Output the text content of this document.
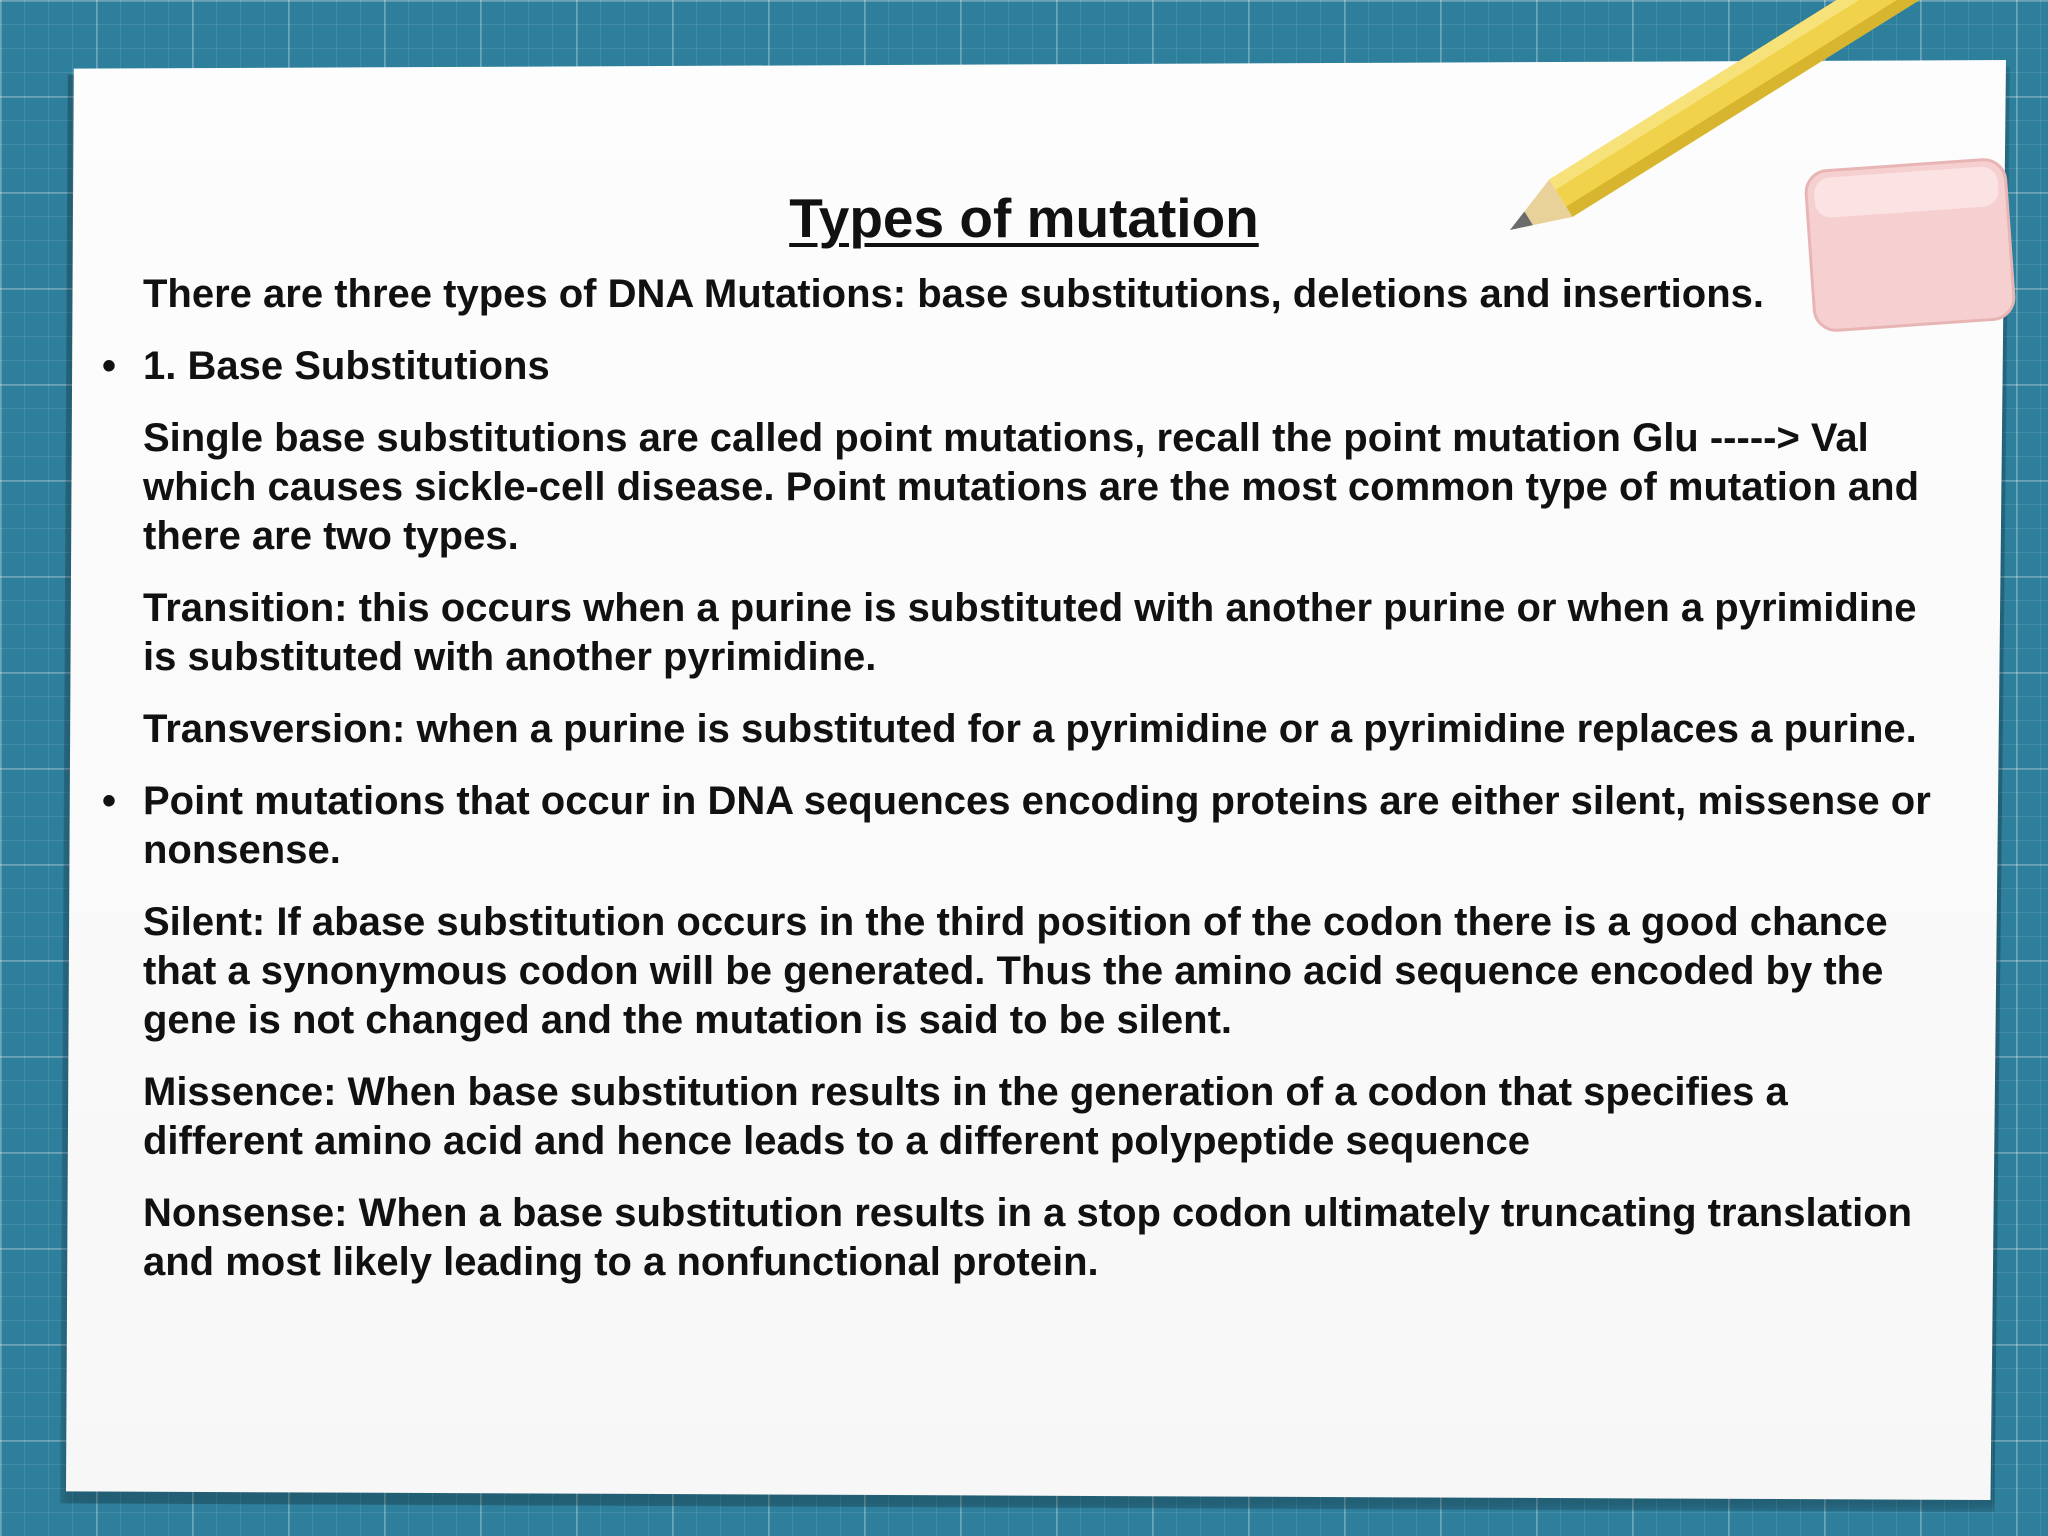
Types of mutation
There are three types of DNA Mutations: base substitutions, deletions and insertions.
• 1. Base Substitutions
Single base substitutions are called point mutations, recall the point mutation Glu -----> Val which causes sickle-cell disease. Point mutations are the most common type of mutation and there are two types.
Transition: this occurs when a purine is substituted with another purine or when a pyrimidine is substituted with another pyrimidine.
Transversion: when a purine is substituted for a pyrimidine or a pyrimidine replaces a purine.
• Point mutations that occur in DNA sequences encoding proteins are either silent, missense or nonsense.
Silent: If abase substitution occurs in the third position of the codon there is a good chance that a synonymous codon will be generated. Thus the amino acid sequence encoded by the gene is not changed and the mutation is said to be silent.
Missence: When base substitution results in the generation of a codon that specifies a different amino acid and hence leads to a different polypeptide sequence
Nonsense: When a base substitution results in a stop codon ultimately truncating translation and most likely leading to a nonfunctional protein.
